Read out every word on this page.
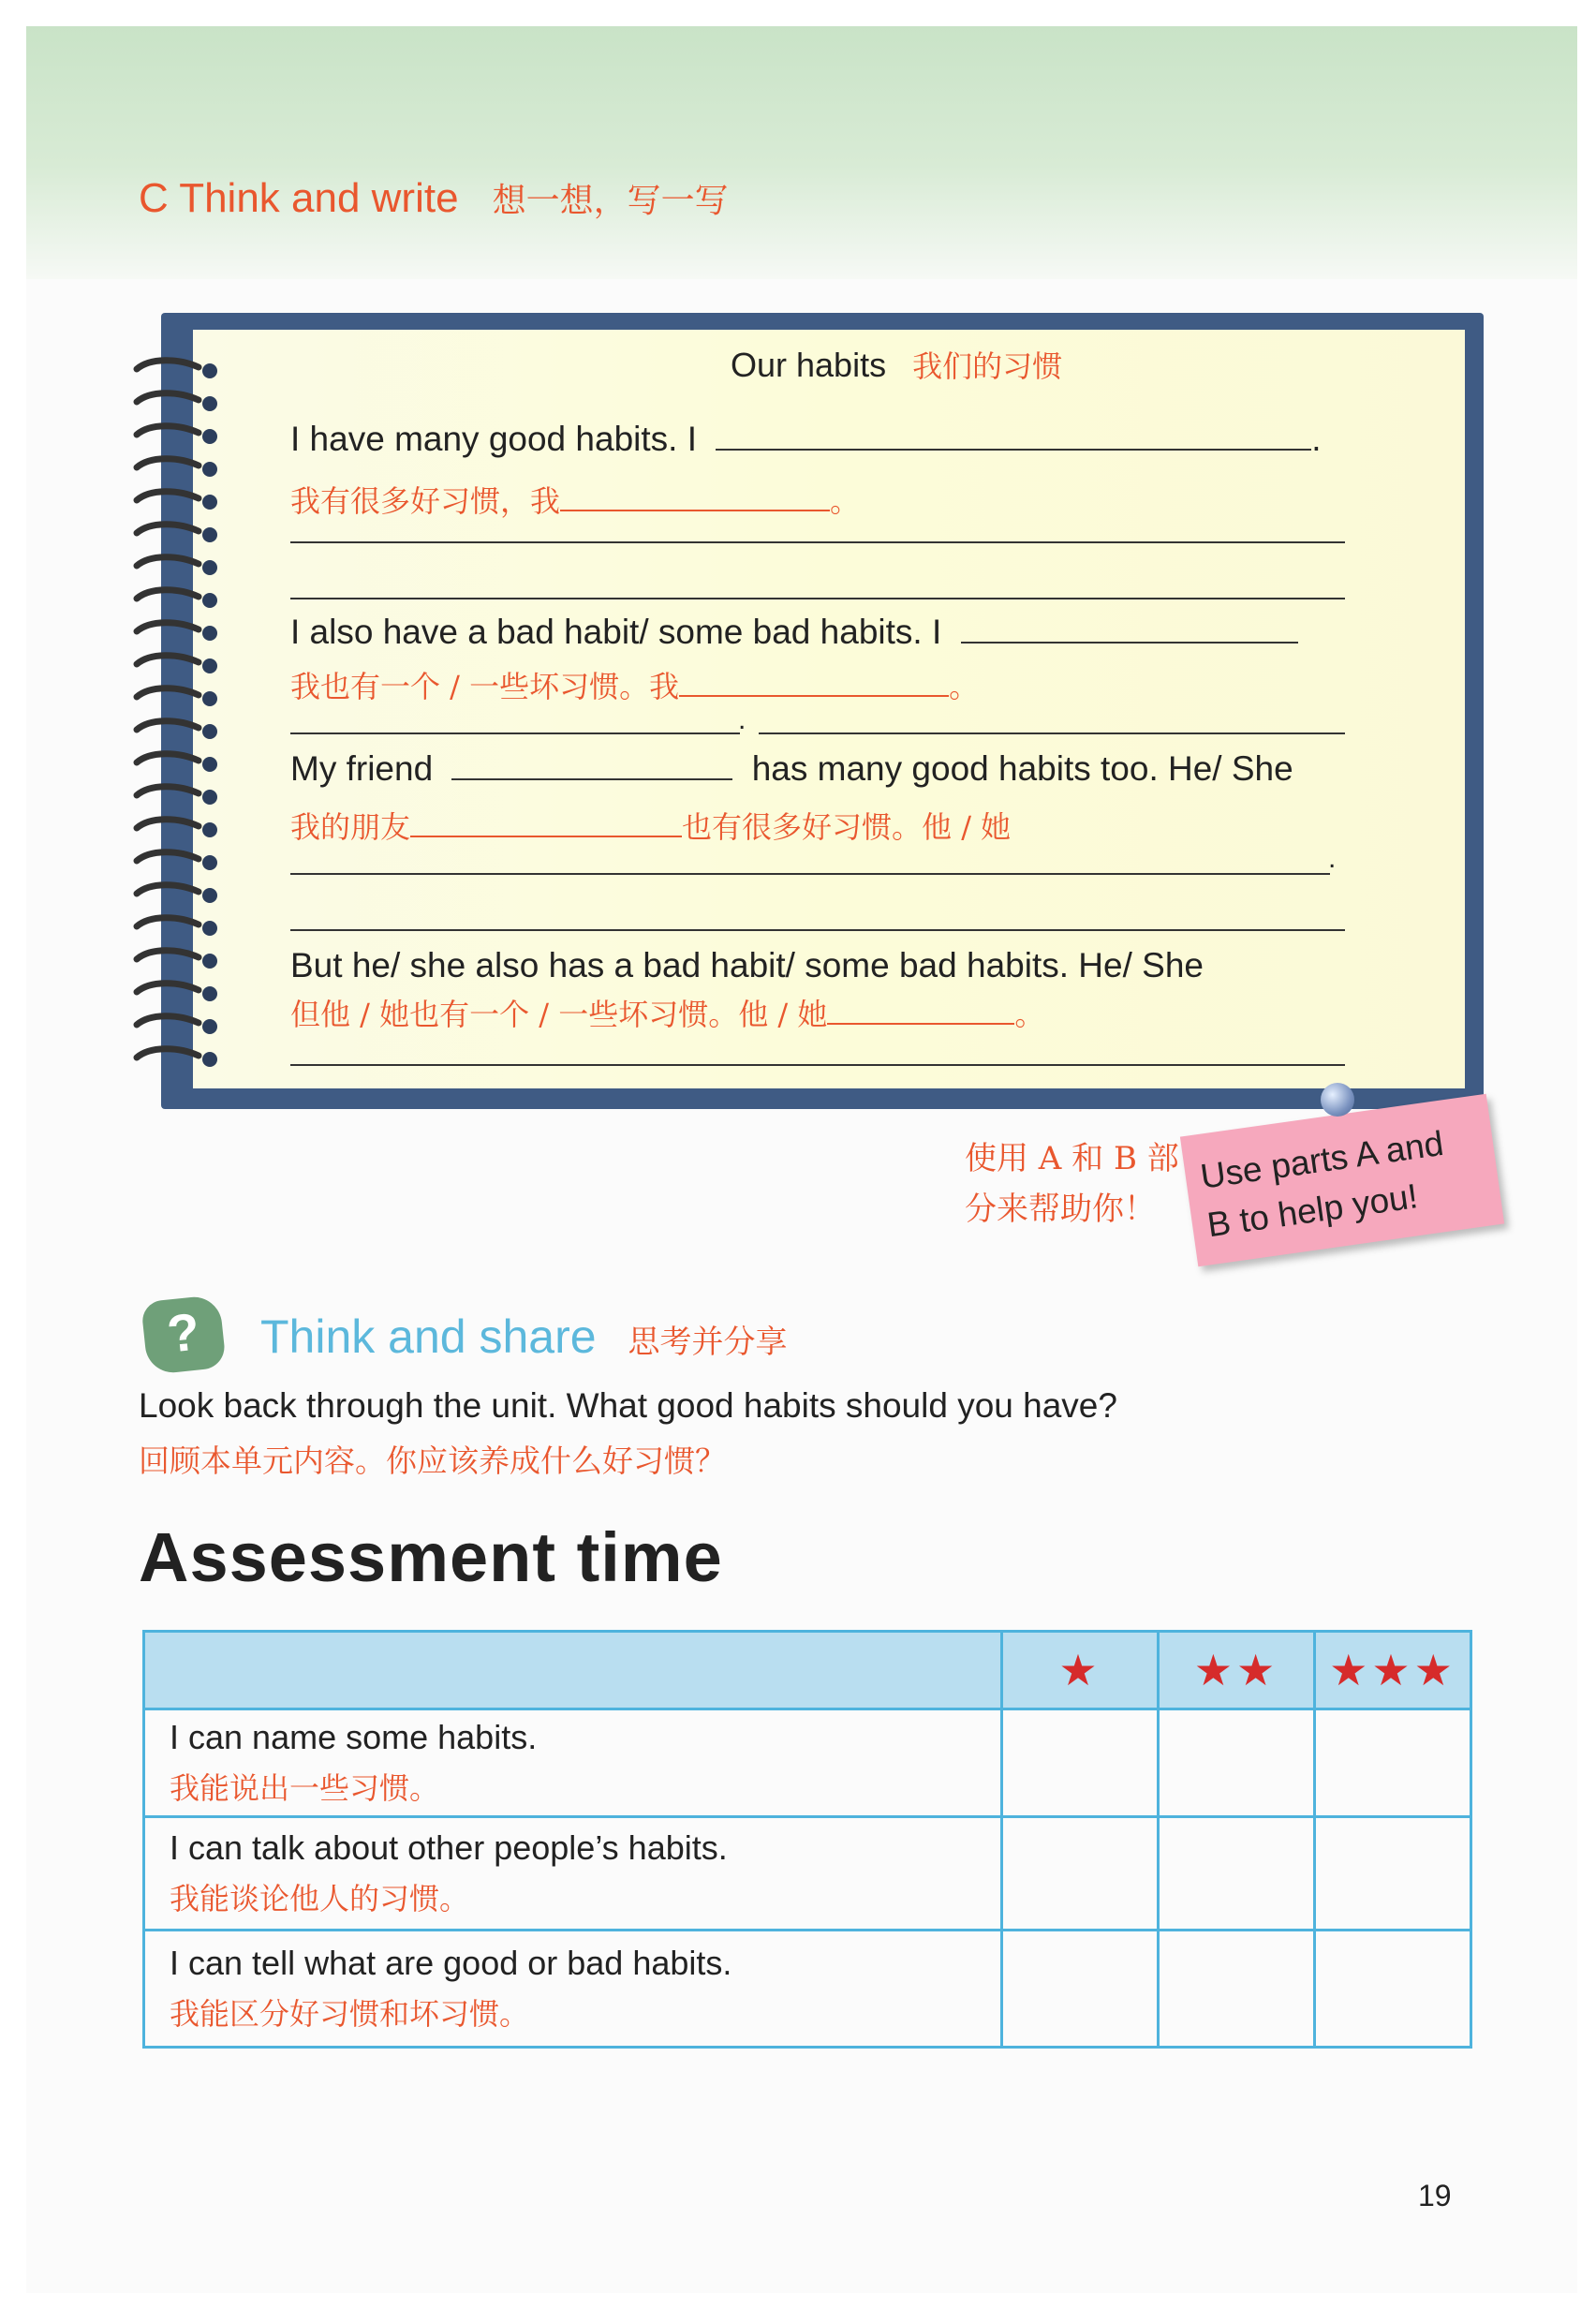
C Think and write 想一想，写一写
Our habits 我们的习惯
I have many good habits. I	.
我有很多好习惯，我	。
I also have a bad habit/ some bad habits. I
我也有一个 / 一些坏习惯。我	。
.
My friend	has many good habits too. He/ She
我的朋友	也有很多好习惯。他 / 她
.
But he/ she also has a bad habit/ some bad habits. He/ She
但他 / 她也有一个 / 一些坏习惯。他 / 她	。
使用 A 和 B 部
分来帮助你！
Use parts A and
B to help you!
?	Think and share 思考并分享
Look back through the unit. What good habits should you have?
回顾本单元内容。你应该养成什么好习惯？
Assessment time
	★	★★	★★★

I can name some habits.
我能说出一些习惯。			

I can talk about other people’s habits.
我能谈论他人的习惯。			

I can tell what are good or bad habits.
我能区分好习惯和坏习惯。			

19
